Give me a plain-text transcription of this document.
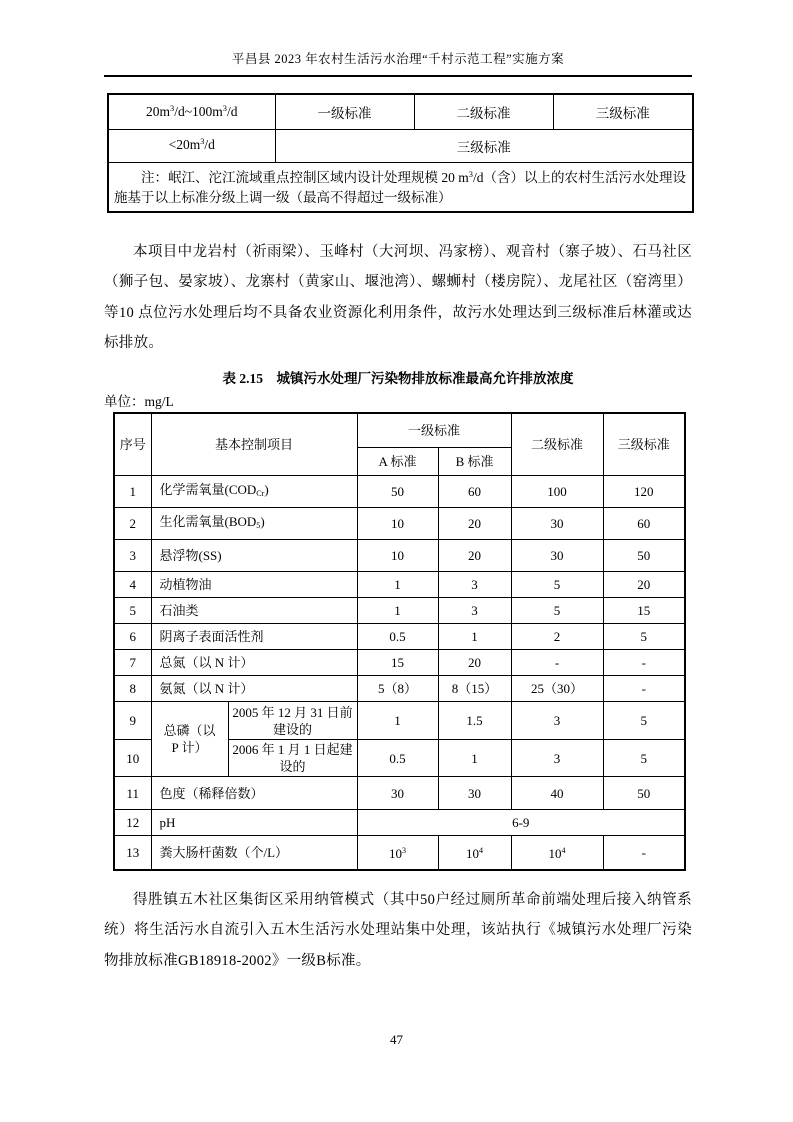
平昌县 2023 年农村生活污水治理“千村示范工程”实施方案
$20m^3/d\sim 100m^3/d$	一级标准	二级标准	三级标准
$<20m^3/d$	三级标准		
注：岷江、沱江流域重点控制区域内设计处理规模 20 $m^3/d$（含）以上的农村生活污水处理设施基于以上标准分级上调一级（最高不得超过一级标准）			

本项目中龙岩村（祈雨梁）、玉峰村（大河坝、冯家榜）、观音村（寨子坡）、石马社区（狮子包、晏家坡）、龙寨村（黄家山、堰池湾）、螺蛳村（楼房院）、龙尾社区（窑湾里）等10 点位污水处理后均不具备农业资源化利用条件，故污水处理达到三级标准后林灌或达标排放。

表 2.15　城镇污水处理厂污染物排放标准最高允许排放浓度
单位：mg/L
序号	基本控制项目		一级标准		二级标准	三级标准
			A 标准	B 标准		
1	化学需氧量$(COD_{Cr})$		50	60	100	120
2	生化需氧量$(BOD_5)$		10	20	30	60
3	悬浮物(SS)		10	20	30	50
4	动植物油		1	3	5	20
5	石油类		1	3	5	15
6	阴离子表面活性剂		0.5	1	2	5
7	总氮（以 N 计）		15	20	-	-
8	氨氮（以 N 计）		5（8）	8（15）	25（30）	-
9	总磷（以P 计）	2005 年 12 月 31 日前建设的	1	1.5	3	5
10		2006 年 1 月 1 日起建设的	0.5	1	3	5
11	色度（稀释倍数）		30	30	40	50
12	pH		6-9			
13	粪大肠杆菌数（个/L）		$10^3$	$10^4$	$10^4$	-

得胜镇五木社区集街区采用纳管模式（其中50户经过厕所革命前端处理后接入纳管系统）将生活污水自流引入五木生活污水处理站集中处理，该站执行《城镇污水处理厂污染物排放标准GB18918-2002》一级B标准。

47
